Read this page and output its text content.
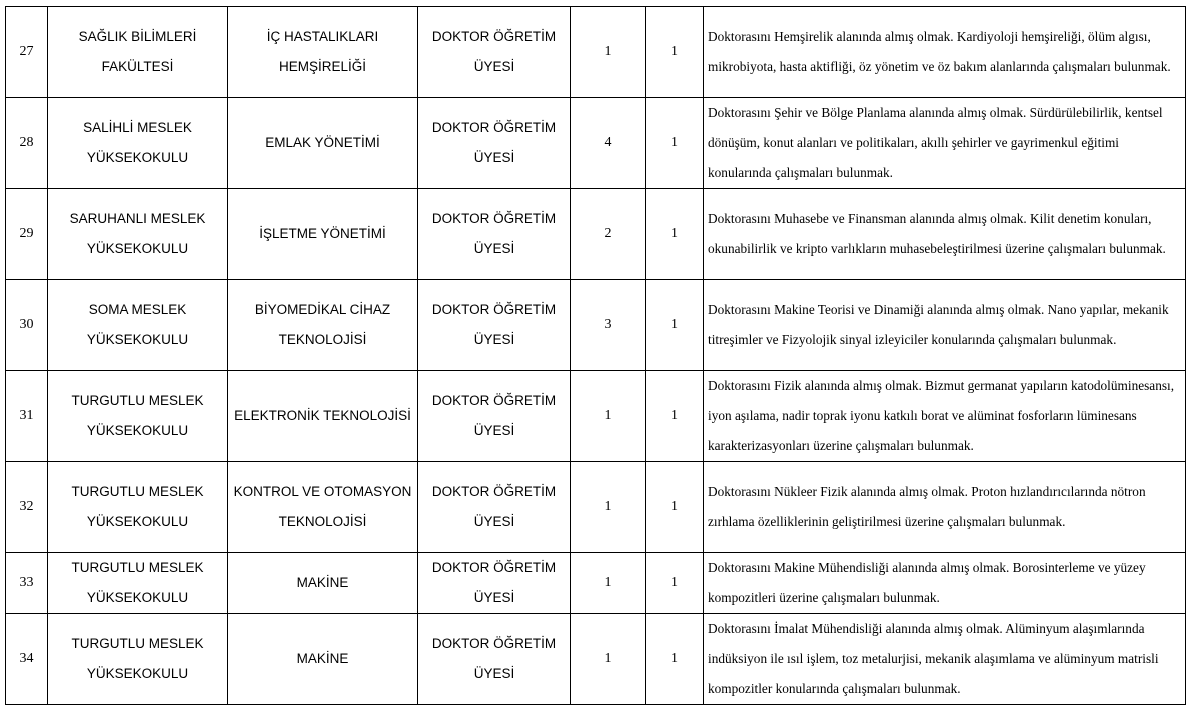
27	SAĞLIK BİLİMLERİ FAKÜLTESİ	İÇ HASTALIKLARI HEMŞİRELİĞİ	DOKTOR ÖĞRETİM ÜYESİ	1	1	Doktorasını Hemşirelik alanında almış olmak. Kardiyoloji hemşireliği, ölüm algısı, mikrobiyota, hasta aktifliği, öz yönetim ve öz bakım alanlarında çalışmaları bulunmak.
28	SALİHLİ MESLEK YÜKSEKOKULU	EMLAK YÖNETİMİ	DOKTOR ÖĞRETİM ÜYESİ	4	1	Doktorasını Şehir ve Bölge Planlama alanında almış olmak. Sürdürülebilirlik, kentsel dönüşüm, konut alanları ve politikaları, akıllı şehirler ve gayrimenkul eğitimi konularında çalışmaları bulunmak.
29	SARUHANLI MESLEK YÜKSEKOKULU	İŞLETME YÖNETİMİ	DOKTOR ÖĞRETİM ÜYESİ	2	1	Doktorasını Muhasebe ve Finansman alanında almış olmak. Kilit denetim konuları, okunabilirlik ve kripto varlıkların muhasebeleştirilmesi üzerine çalışmaları bulunmak.
30	SOMA MESLEK YÜKSEKOKULU	BİYOMEDİKAL CİHAZ TEKNOLOJİSİ	DOKTOR ÖĞRETİM ÜYESİ	3	1	Doktorasını Makine Teorisi ve Dinamiği alanında almış olmak. Nano yapılar, mekanik titreşimler ve Fizyolojik sinyal izleyiciler konularında çalışmaları bulunmak.
31	TURGUTLU MESLEK YÜKSEKOKULU	ELEKTRONİK TEKNOLOJİSİ	DOKTOR ÖĞRETİM ÜYESİ	1	1	Doktorasını Fizik alanında almış olmak. Bizmut germanat yapıların katodolüminesansı, iyon aşılama, nadir toprak iyonu katkılı borat ve alüminat fosforların lüminesans karakterizasyonları üzerine çalışmaları bulunmak.
32	TURGUTLU MESLEK YÜKSEKOKULU	KONTROL VE OTOMASYON TEKNOLOJİSİ	DOKTOR ÖĞRETİM ÜYESİ	1	1	Doktorasını Nükleer Fizik alanında almış olmak. Proton hızlandırıcılarında nötron zırhlama özelliklerinin geliştirilmesi üzerine çalışmaları bulunmak.
33	TURGUTLU MESLEK YÜKSEKOKULU	MAKİNE	DOKTOR ÖĞRETİM ÜYESİ	1	1	Doktorasını Makine Mühendisliği alanında almış olmak. Borosinterleme ve yüzey kompozitleri üzerine çalışmaları bulunmak.
34	TURGUTLU MESLEK YÜKSEKOKULU	MAKİNE	DOKTOR ÖĞRETİM ÜYESİ	1	1	Doktorasını İmalat Mühendisliği alanında almış olmak. Alüminyum alaşımlarında indüksiyon ile ısıl işlem, toz metalurjisi, mekanik alaşımlama ve alüminyum matrisli kompozitler konularında çalışmaları bulunmak.
